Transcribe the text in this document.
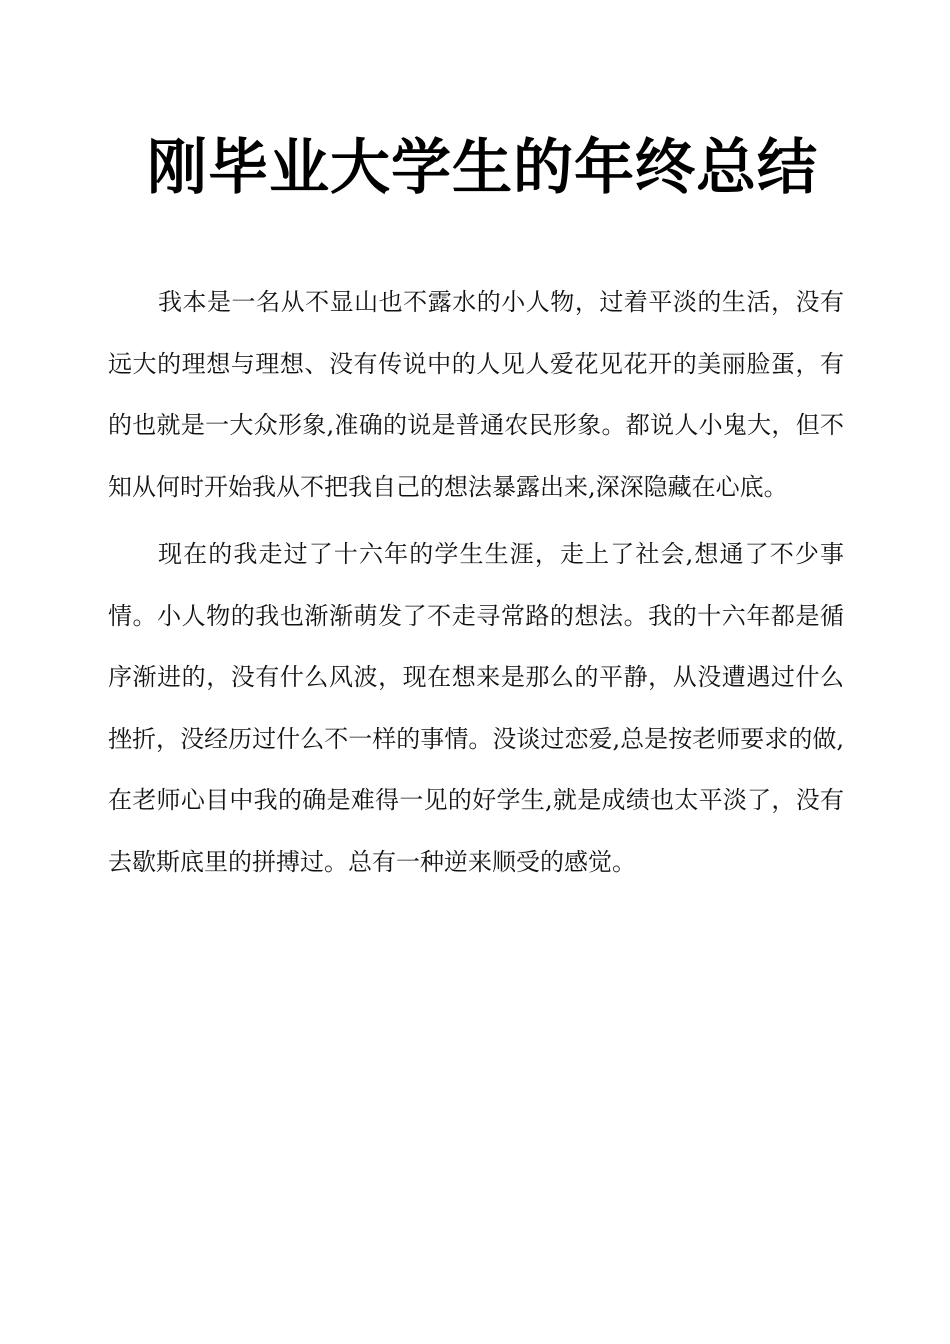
刚毕业大学生的年终总结

我本是一名从不显山也不露水的小人物，过着平淡的生活，没有远大的理想与理想、没有传说中的人见人爱花见花开的美丽脸蛋，有的也就是一大众形象,准确的说是普通农民形象。都说人小鬼大，但不知从何时开始我从不把我自己的想法暴露出来,深深隐藏在心底。

现在的我走过了十六年的学生生涯，走上了社会,想通了不少事情。小人物的我也渐渐萌发了不走寻常路的想法。我的十六年都是循序渐进的，没有什么风波，现在想来是那么的平静，从没遭遇过什么挫折，没经历过什么不一样的事情。没谈过恋爱,总是按老师要求的做,在老师心目中我的确是难得一见的好学生,就是成绩也太平淡了，没有去歇斯底里的拼搏过。总有一种逆来顺受的感觉。
